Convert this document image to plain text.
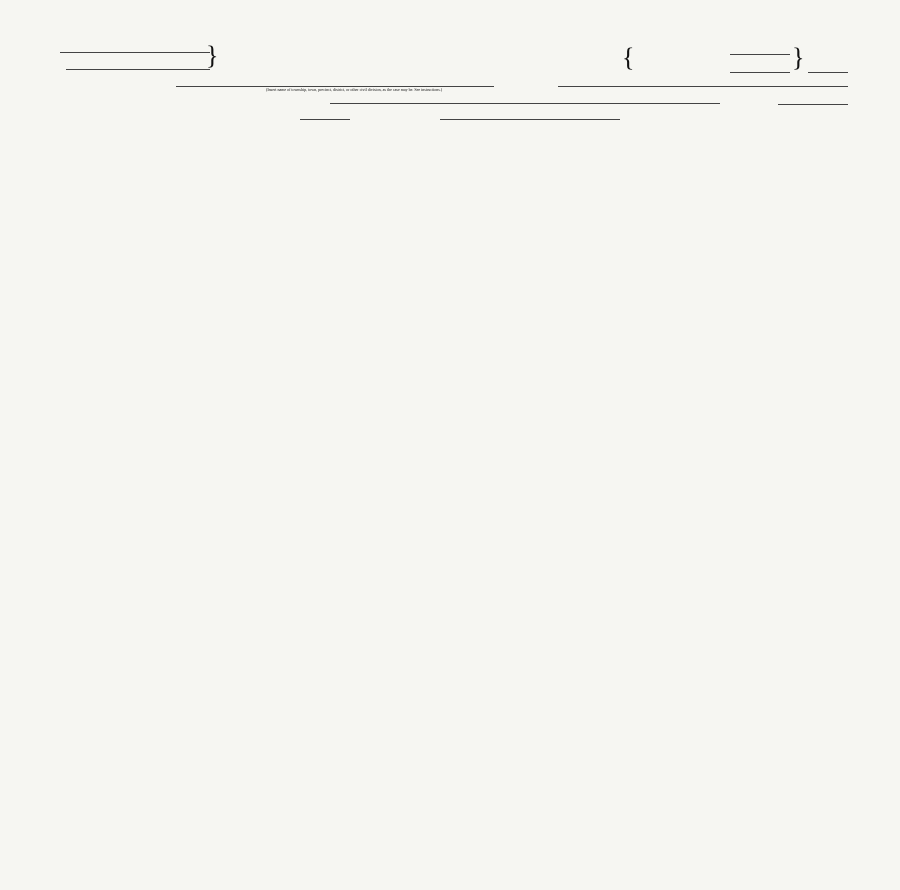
}	{	}
(Insert name of township, town, precinct, district, or other civil division, as the case may be. See instructions.)
